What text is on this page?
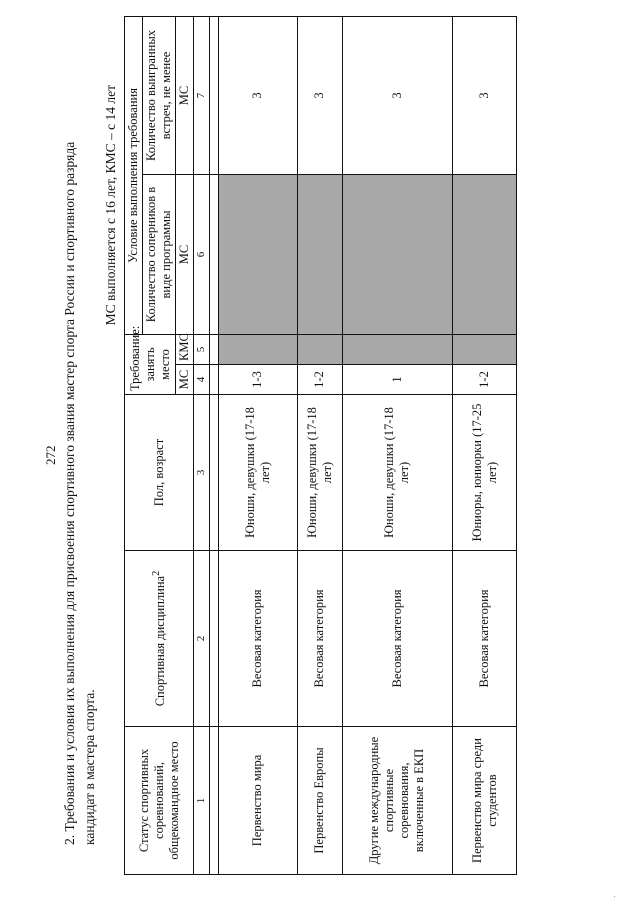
272 2. Требования и условия их выполнения для присвоения спортивного звания мастер спорта России и спортивного разряда кандидат в мастера спорта.

МС выполняется с 16 лет, КМС – с 14 лет
Статус спортивных соревнований, общекомандное место	Спортивная дисциплина$^2$	Пол, возраст	Требование: занять место		Условие выполнения требования	
					Количество соперников в виде программы	Количество выигранных встреч, не менее
			МС	КМС	МС	МС
1	2	3	4	5	6	7

Первенство мира	Весовая категория	Юноши, девушки (17-18 лет)	1-3			3
Первенство Европы	Весовая категория	Юноши, девушки (17-18 лет)	1-2			3
Другие международные спортивные соревнования, включенные в ЕКП	Весовая категория	Юноши, девушки (17-18 лет)	1			3
Первенство мира среди студентов	Весовая категория	Юниоры, юниорки (17-25 лет)	1-2			3
